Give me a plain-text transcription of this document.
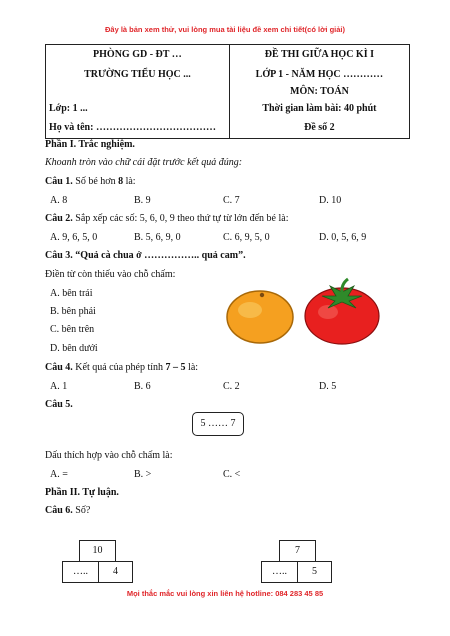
Đây là bản xem thử, vui lòng mua tài liệu đề xem chi tiết(có lời giải)
PHÒNG GD - ĐT …
TRƯỜNG TIỂU HỌC ...
Lớp: 1 ...
Họ và tên: ………………………………

ĐỀ THI GIỮA HỌC KÌ I
LỚP 1 - NĂM HỌC …………
MÔN: TOÁN
Thời gian làm bài: 40 phút
Đề số 2
Phần I. Trắc nghiệm.
Khoanh tròn vào chữ cái đặt trước kết quả đúng:
Câu 1. Số bé hơn 8 là:
A. 8	B. 9	C. 7	D. 10
Câu 2. Sắp xếp các số: 5, 6, 0, 9 theo thứ tự từ lớn đến bé là:
A. 9, 6, 5, 0	B. 5, 6, 9, 0	C. 6, 9, 5, 0	D. 0, 5, 6, 9
Câu 3. “Quả cà chua ở …………….. quả cam”.
Điền từ còn thiếu vào chỗ chấm:
A. bên trái
B. bên phải
C. bên trên
D. bên dưới
Câu 4. Kết quả của phép tính 7 – 5 là:
A. 1	B. 6	C. 2	D. 5
Câu 5.
5 …… 7
Dấu thích hợp vào chỗ chấm là:
A. =	B. >	C. <
Phần II. Tự luận.
Câu 6. Số?
10
…..	4
7
…..	5
Mọi thắc mắc vui lòng xin liên hệ hotline: 084 283 45 85
